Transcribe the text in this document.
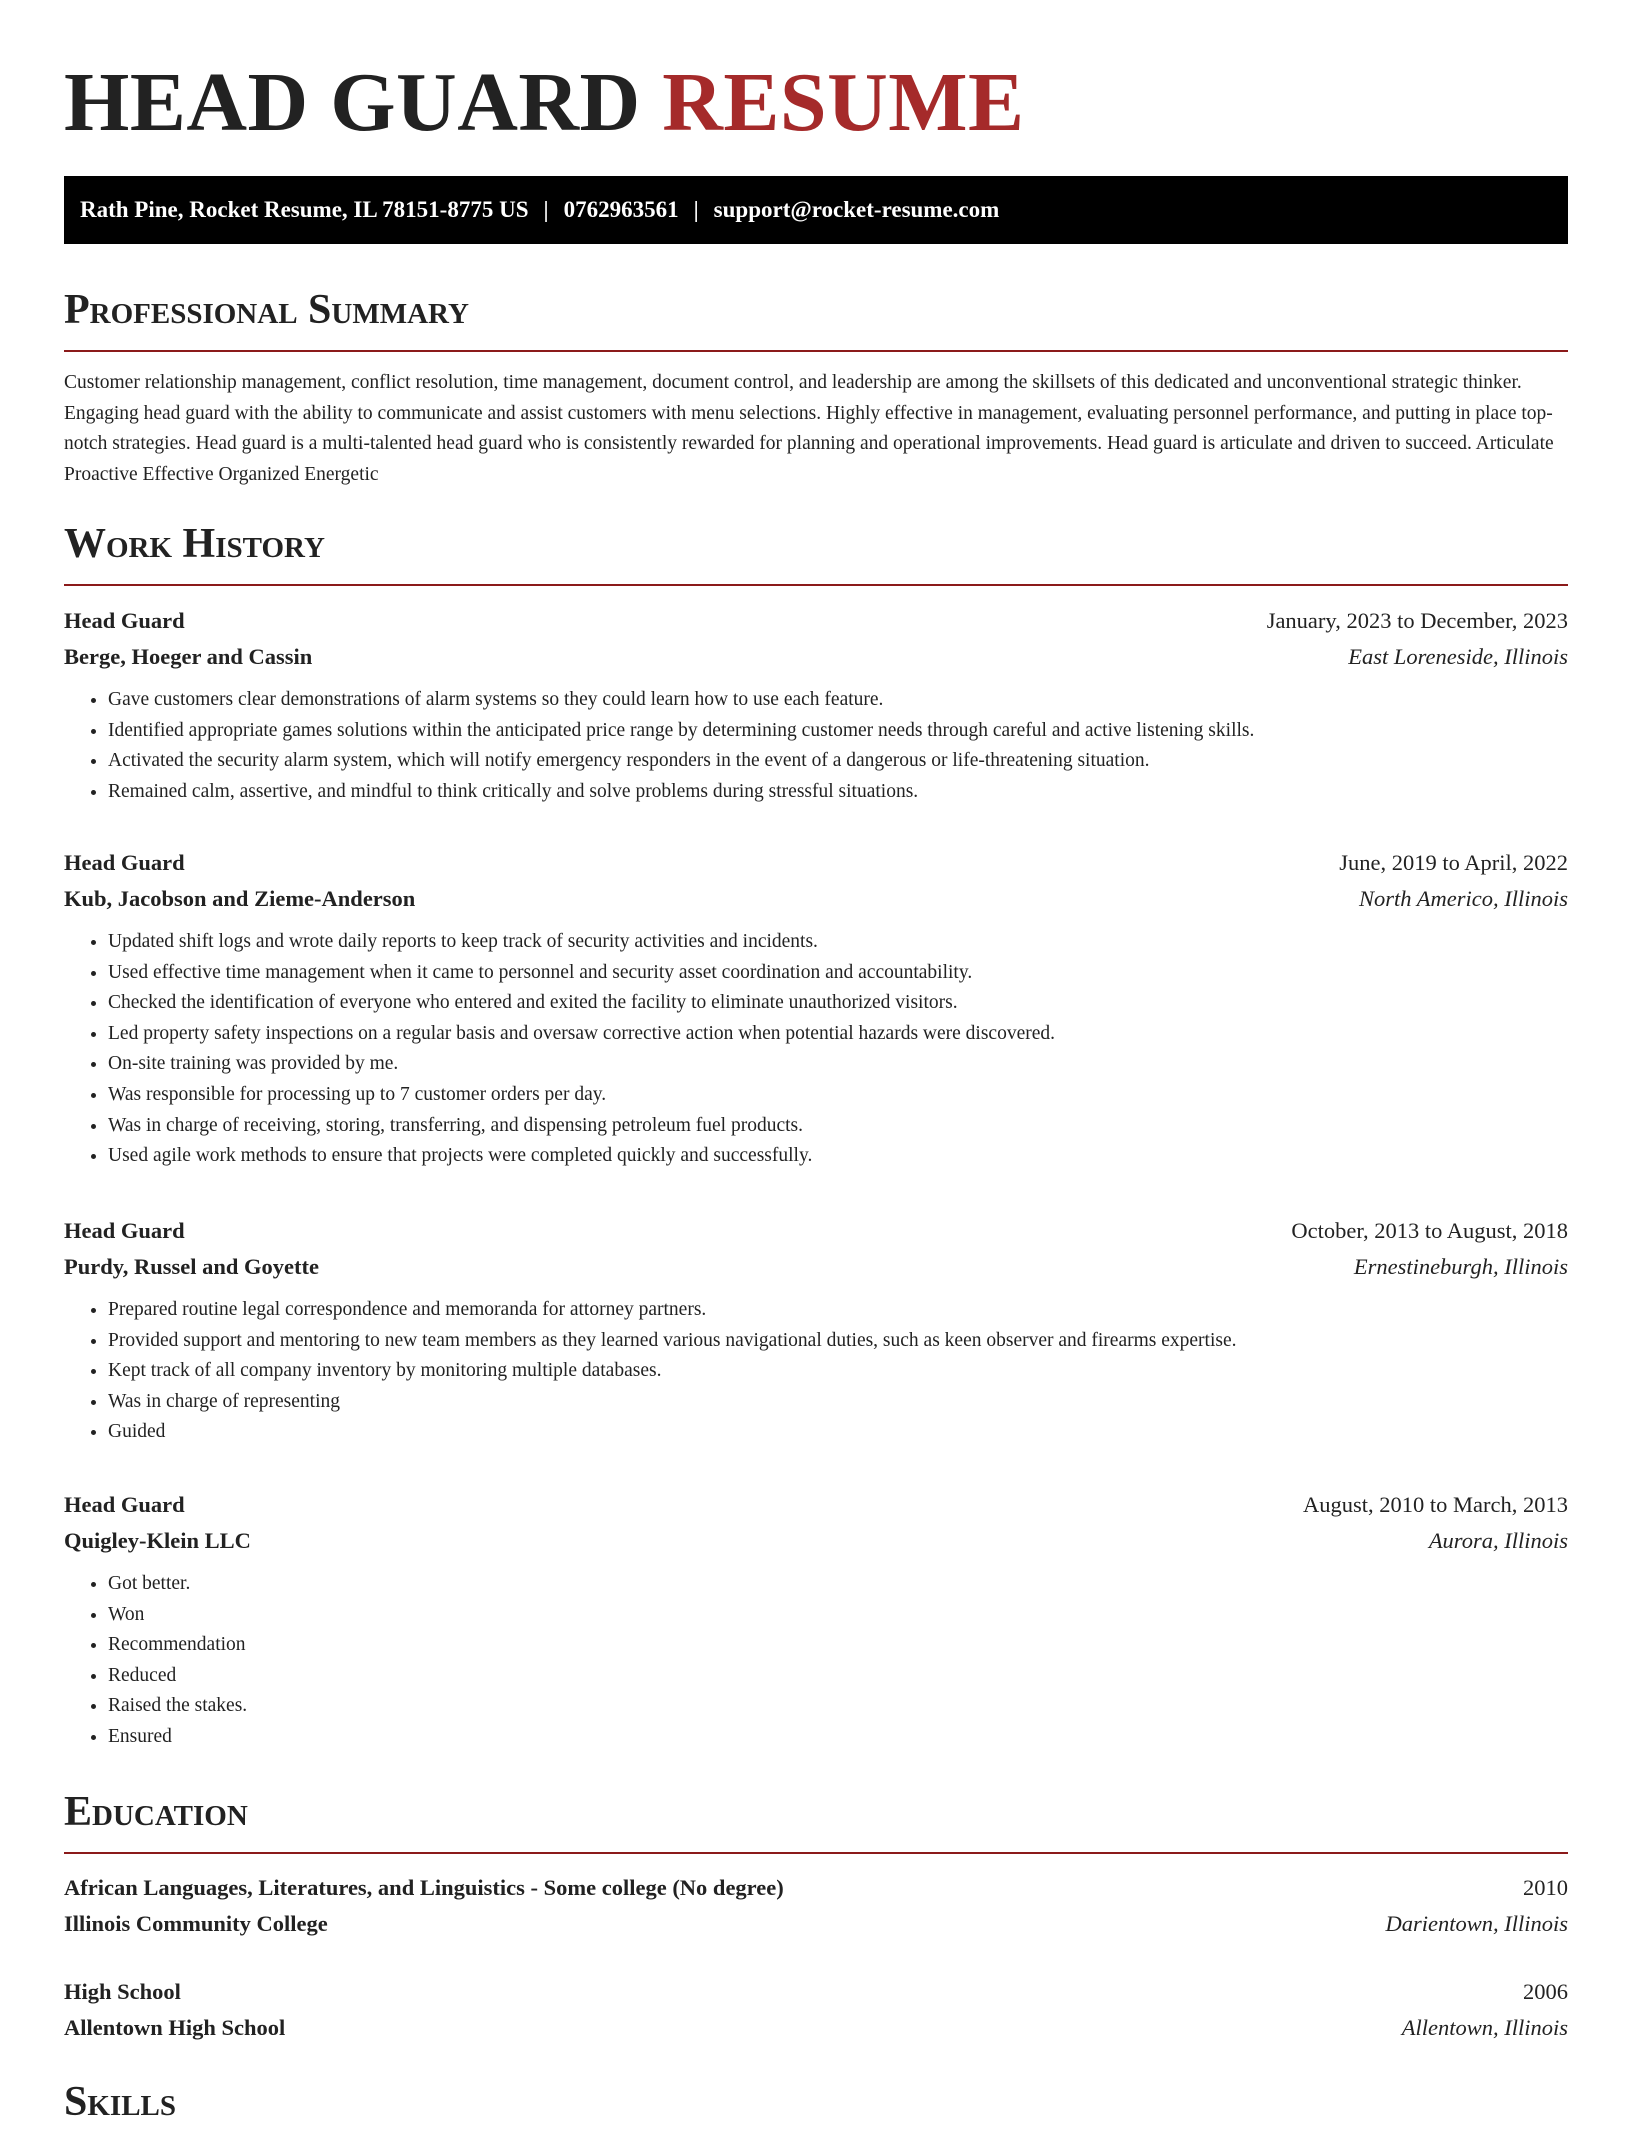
HEAD GUARD RESUME
Rath Pine, Rocket Resume, IL 78151-8775 US | 0762963561 | support@rocket-resume.com
Professional Summary

Customer relationship management, conflict resolution, time management, document control, and leadership are among the skillsets of this dedicated and unconventional strategic thinker. Engaging head guard with the ability to communicate and assist customers with menu selections. Highly effective in management, evaluating personnel performance, and putting in place top-notch strategies. Head guard is a multi-talented head guard who is consistently rewarded for planning and operational improvements. Head guard is articulate and driven to succeed. Articulate Proactive Effective Organized Energetic

Work History
Head Guard	January, 2023 to December, 2023
Berge, Hoeger and Cassin	East Loreneside, Illinois
• Gave customers clear demonstrations of alarm systems so they could learn how to use each feature.
• Identified appropriate games solutions within the anticipated price range by determining customer needs through careful and active listening skills.
• Activated the security alarm system, which will notify emergency responders in the event of a dangerous or life-threatening situation.
• Remained calm, assertive, and mindful to think critically and solve problems during stressful situations.
Head Guard	June, 2019 to April, 2022
Kub, Jacobson and Zieme-Anderson	North Americo, Illinois
• Updated shift logs and wrote daily reports to keep track of security activities and incidents.
• Used effective time management when it came to personnel and security asset coordination and accountability.
• Checked the identification of everyone who entered and exited the facility to eliminate unauthorized visitors.
• Led property safety inspections on a regular basis and oversaw corrective action when potential hazards were discovered.
• On-site training was provided by me.
• Was responsible for processing up to 7 customer orders per day.
• Was in charge of receiving, storing, transferring, and dispensing petroleum fuel products.
• Used agile work methods to ensure that projects were completed quickly and successfully.
Head Guard	October, 2013 to August, 2018
Purdy, Russel and Goyette	Ernestineburgh, Illinois
• Prepared routine legal correspondence and memoranda for attorney partners.
• Provided support and mentoring to new team members as they learned various navigational duties, such as keen observer and firearms expertise.
• Kept track of all company inventory by monitoring multiple databases.
• Was in charge of representing
• Guided
Head Guard	August, 2010 to March, 2013
Quigley-Klein LLC	Aurora, Illinois
• Got better.
• Won
• Recommendation
• Reduced
• Raised the stakes.
• Ensured
Education
African Languages, Literatures, and Linguistics - Some college (No degree)	2010
Illinois Community College	Darientown, Illinois
High School	2006
Allentown High School	Allentown, Illinois
Skills
